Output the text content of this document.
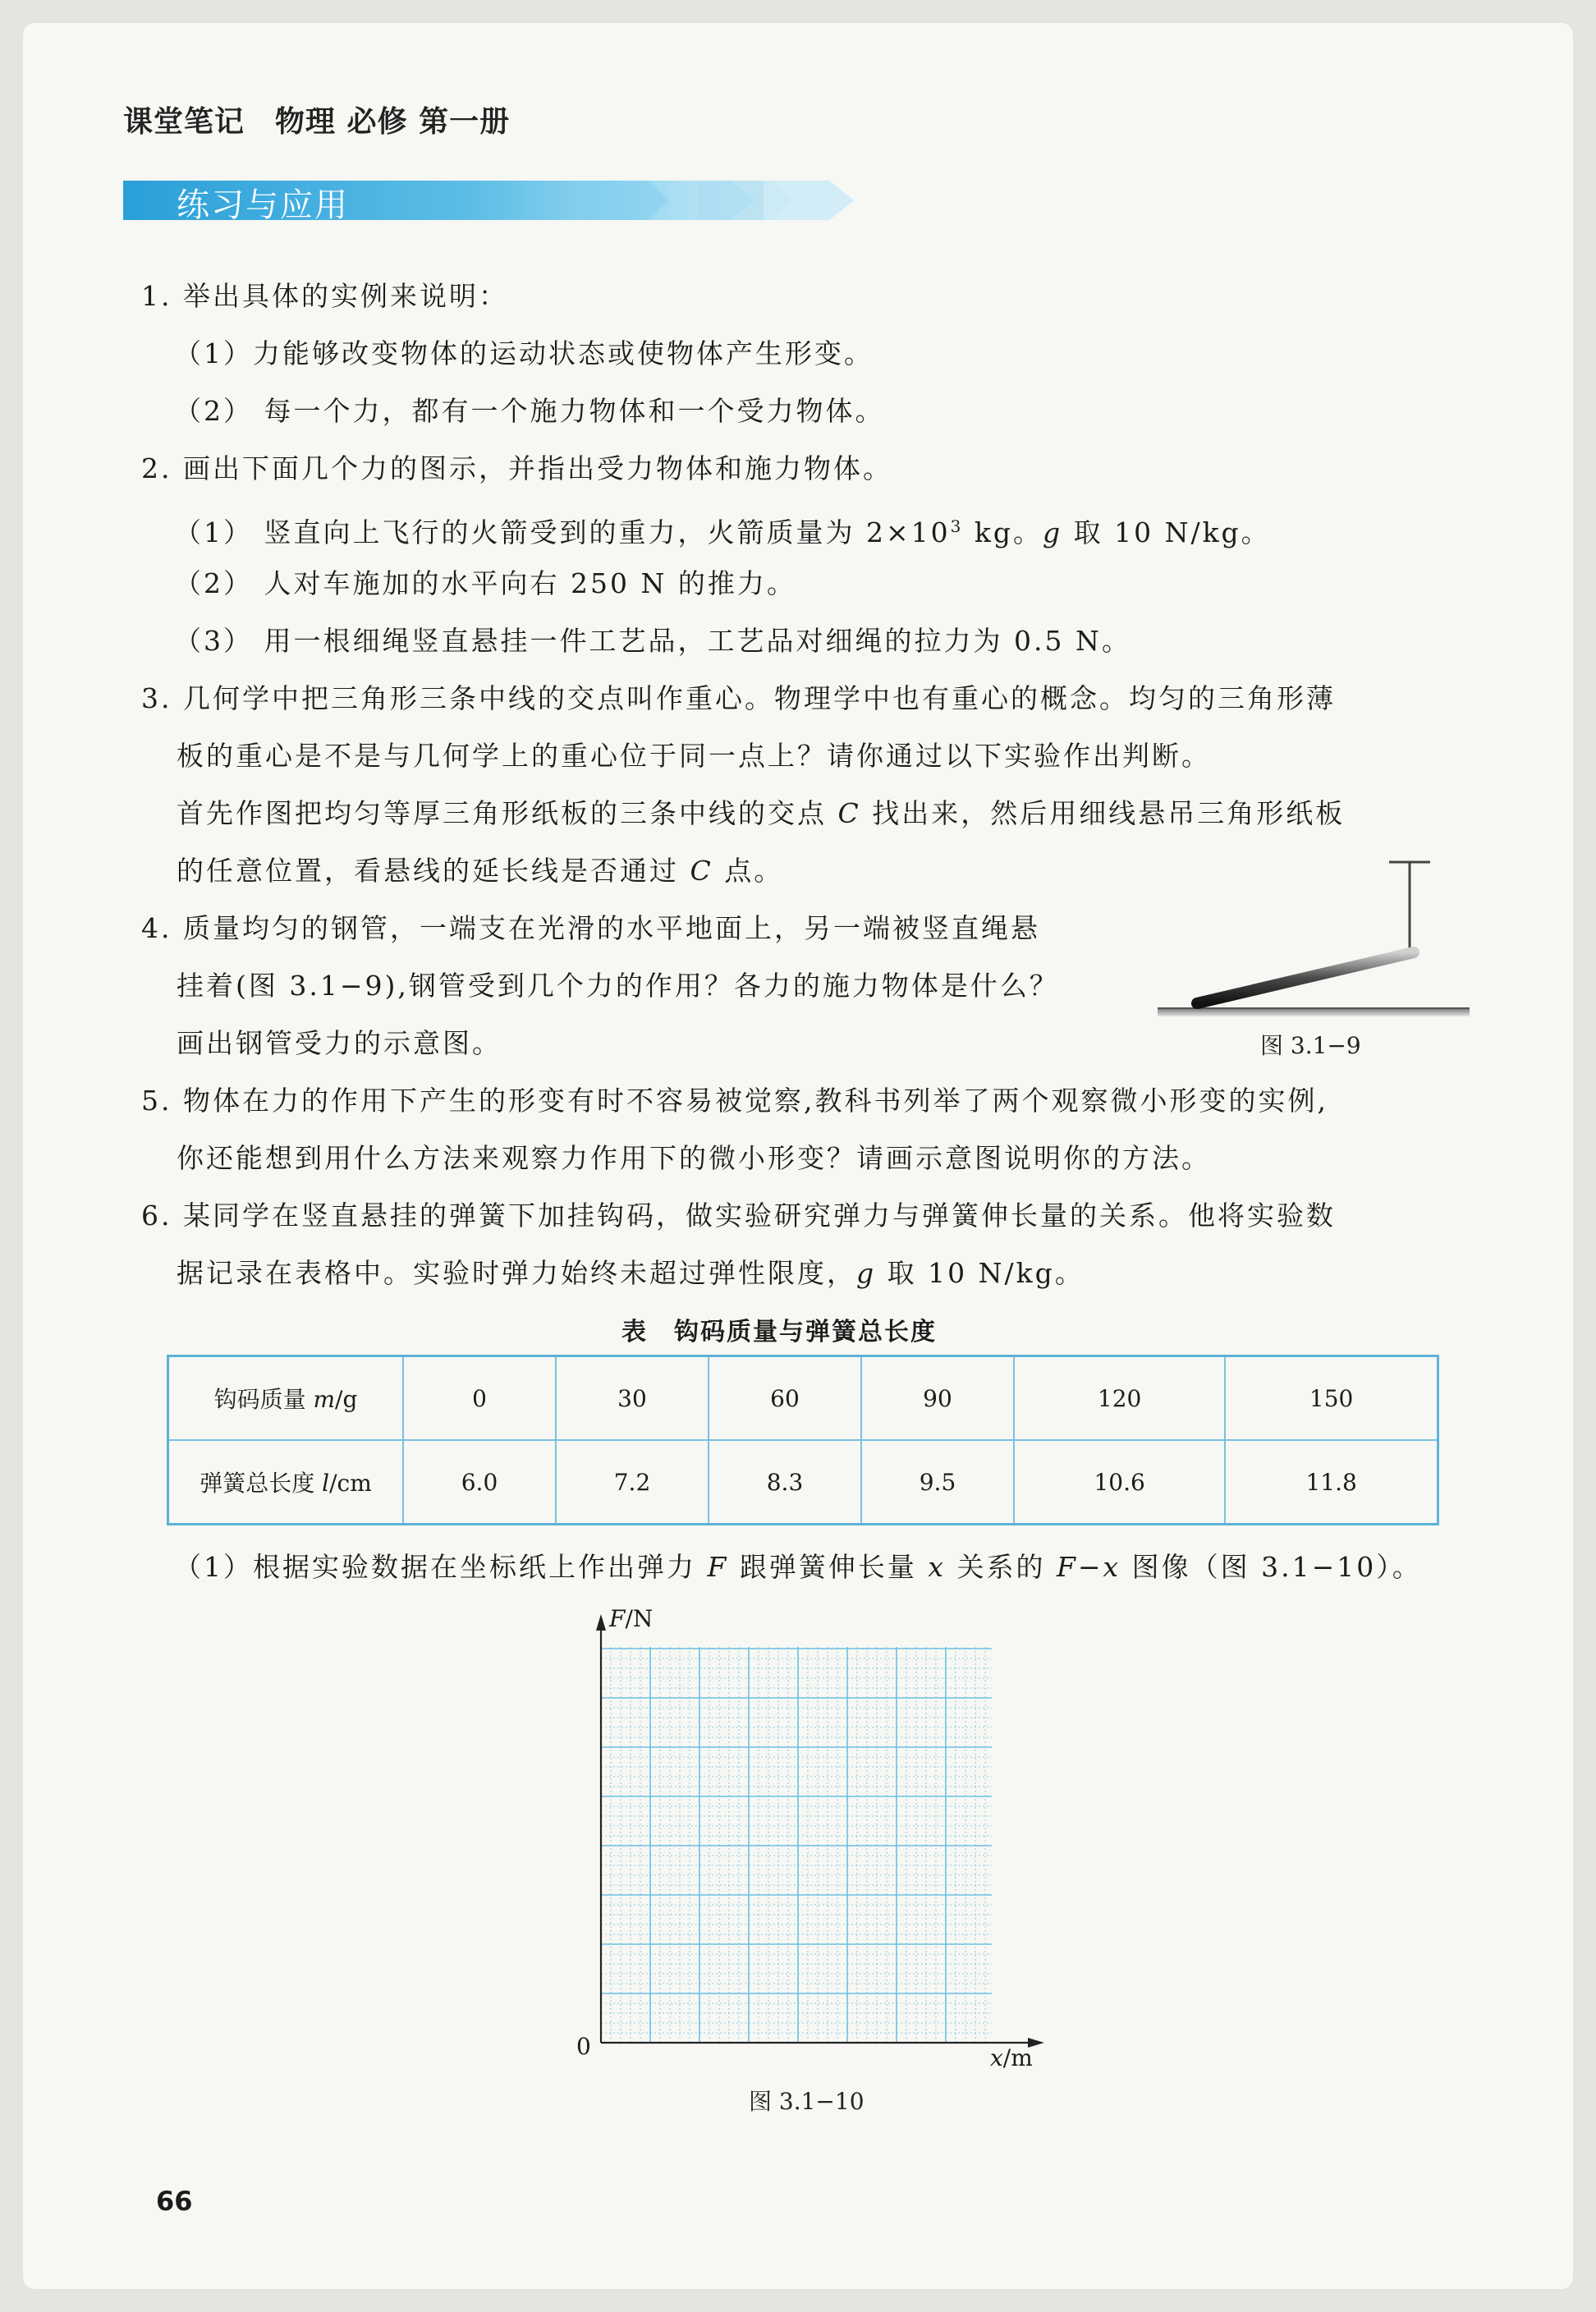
课堂笔记　物理 必修 第一册
练习与应用
1. 举出具体的实例来说明：
（1）力能够改变物体的运动状态或使物体产生形变。
（2） 每一个力，都有一个施力物体和一个受力物体。
2. 画出下面几个力的图示，并指出受力物体和施力物体。
（1） 竖直向上飞行的火箭受到的重力，火箭质量为 $2\times 10^3$ kg。g 取 10 N/kg。
（2） 人对车施加的水平向右 250 N 的推力。
（3） 用一根细绳竖直悬挂一件工艺品，工艺品对细绳的拉力为 0.5 N。
3. 几何学中把三角形三条中线的交点叫作重心。物理学中也有重心的概念。均匀的三角形薄
板的重心是不是与几何学上的重心位于同一点上？请你通过以下实验作出判断。
首先作图把均匀等厚三角形纸板的三条中线的交点 C 找出来，然后用细线悬吊三角形纸板
的任意位置，看悬线的延长线是否通过 C 点。
4. 质量均匀的钢管，一端支在光滑的水平地面上，另一端被竖直绳悬
挂着(图 3.1−9),钢管受到几个力的作用？各力的施力物体是什么？
画出钢管受力的示意图。	图 3.1−9
5. 物体在力的作用下产生的形变有时不容易被觉察,教科书列举了两个观察微小形变的实例,
你还能想到用什么方法来观察力作用下的微小形变？请画示意图说明你的方法。
6. 某同学在竖直悬挂的弹簧下加挂钩码，做实验研究弹力与弹簧伸长量的关系。他将实验数
据记录在表格中。实验时弹力始终未超过弹性限度，g 取 10 N/kg。
表　钩码质量与弹簧总长度
钩码质量 m/g	0	30	60	90	120	150
弹簧总长度 l/cm	6.0	7.2	8.3	9.5	10.6	11.8
（1）根据实验数据在坐标纸上作出弹力 F 跟弹簧伸长量 x 关系的 F−x 图像（图 3.1−10）。
F/N
x/m
0
图 3.1−10
66
